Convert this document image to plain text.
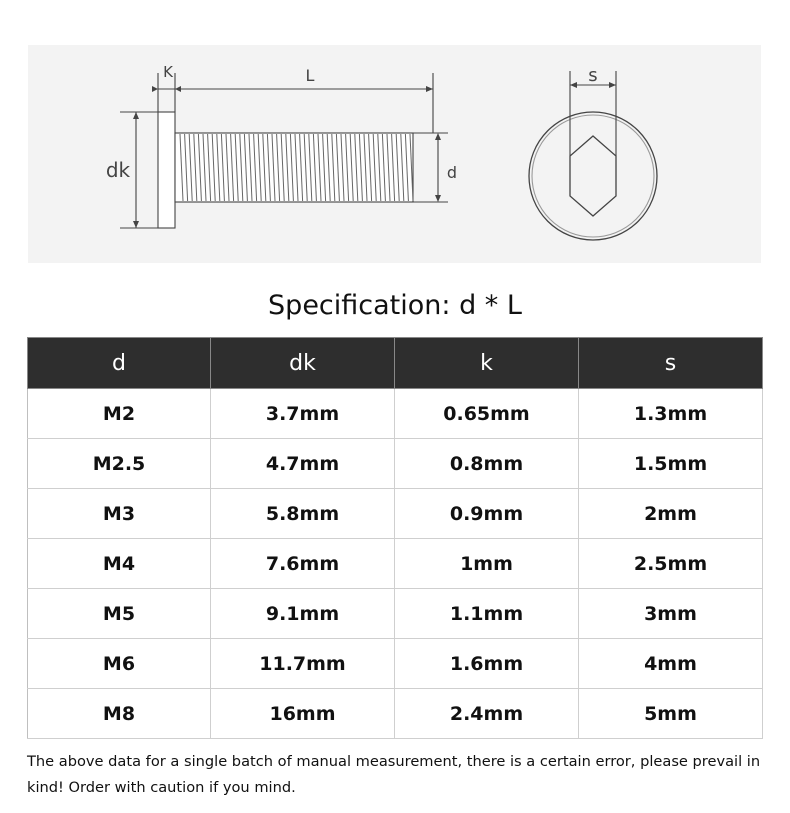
K	L
dk	d
s
Specification: d * L
d	dk	k	s
M2	3.7mm	0.65mm	1.3mm
M2.5	4.7mm	0.8mm	1.5mm
M3	5.8mm	0.9mm	2mm
M4	7.6mm	1mm	2.5mm
M5	9.1mm	1.1mm	3mm
M6	11.7mm	1.6mm	4mm
M8	16mm	2.4mm	5mm
The above data for a single batch of manual measurement, there is a certain error, please prevail in kind! Order with caution if you mind.
